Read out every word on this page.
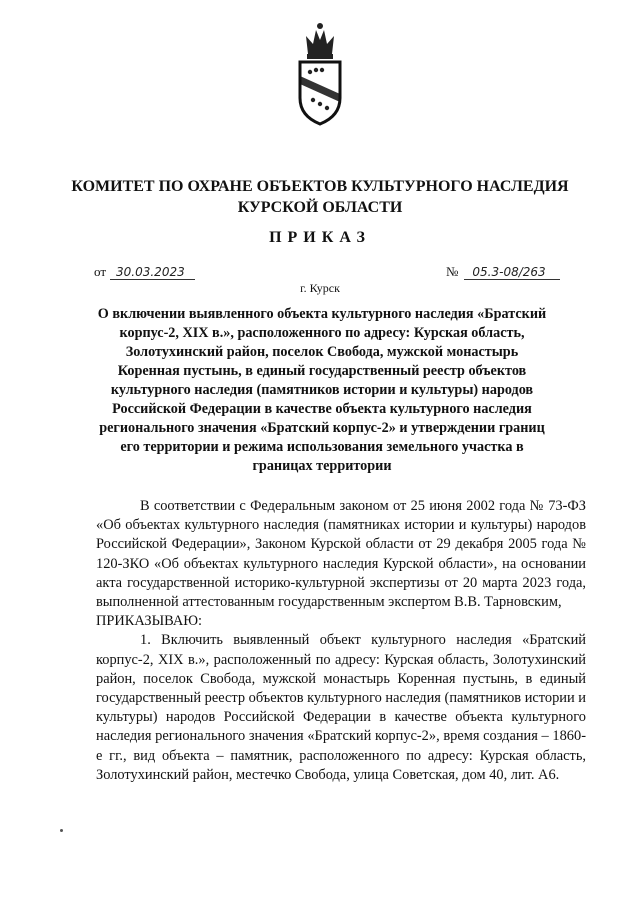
КОМИТЕТ ПО ОХРАНЕ ОБЪЕКТОВ КУЛЬТУРНОГО НАСЛЕДИЯ КУРСКОЙ ОБЛАСТИ
ПРИКАЗ
от 30.03.2023	№ 05.3-08/263
г. Курск
О включении выявленного объекта культурного наследия «Братский корпус-2, XIX в.», расположенного по адресу: Курская область, Золотухинский район, поселок Свобода, мужской монастырь Коренная пустынь, в единый государственный реестр объектов культурного наследия (памятников истории и культуры) народов Российской Федерации в качестве объекта культурного наследия регионального значения «Братский корпус-2» и утверждении границ его территории и режима использования земельного участка в границах территории

В соответствии с Федеральным законом от 25 июня 2002 года № 73-ФЗ «Об объектах культурного наследия (памятниках истории и культуры) народов Российской Федерации», Законом Курской области от 29 декабря 2005 года № 120-ЗКО «Об объектах культурного наследия Курской области», на основании акта государственной историко-культурной экспертизы от 20 марта 2023 года, выполненной аттестованным государственным экспертом В.В. Тарновским,

ПРИКАЗЫВАЮ:

1. Включить выявленный объект культурного наследия «Братский корпус-2, XIX в.», расположенный по адресу: Курская область, Золотухинский район, поселок Свобода, мужской монастырь Коренная пустынь, в единый государственный реестр объектов культурного наследия (памятников истории и культуры) народов Российской Федерации в качестве объекта культурного наследия регионального значения «Братский корпус-2», время создания – 1860-е гг., вид объекта – памятник, расположенного по адресу: Курская область, Золотухинский район, местечко Свобода, улица Советская, дом 40, лит. А6.
